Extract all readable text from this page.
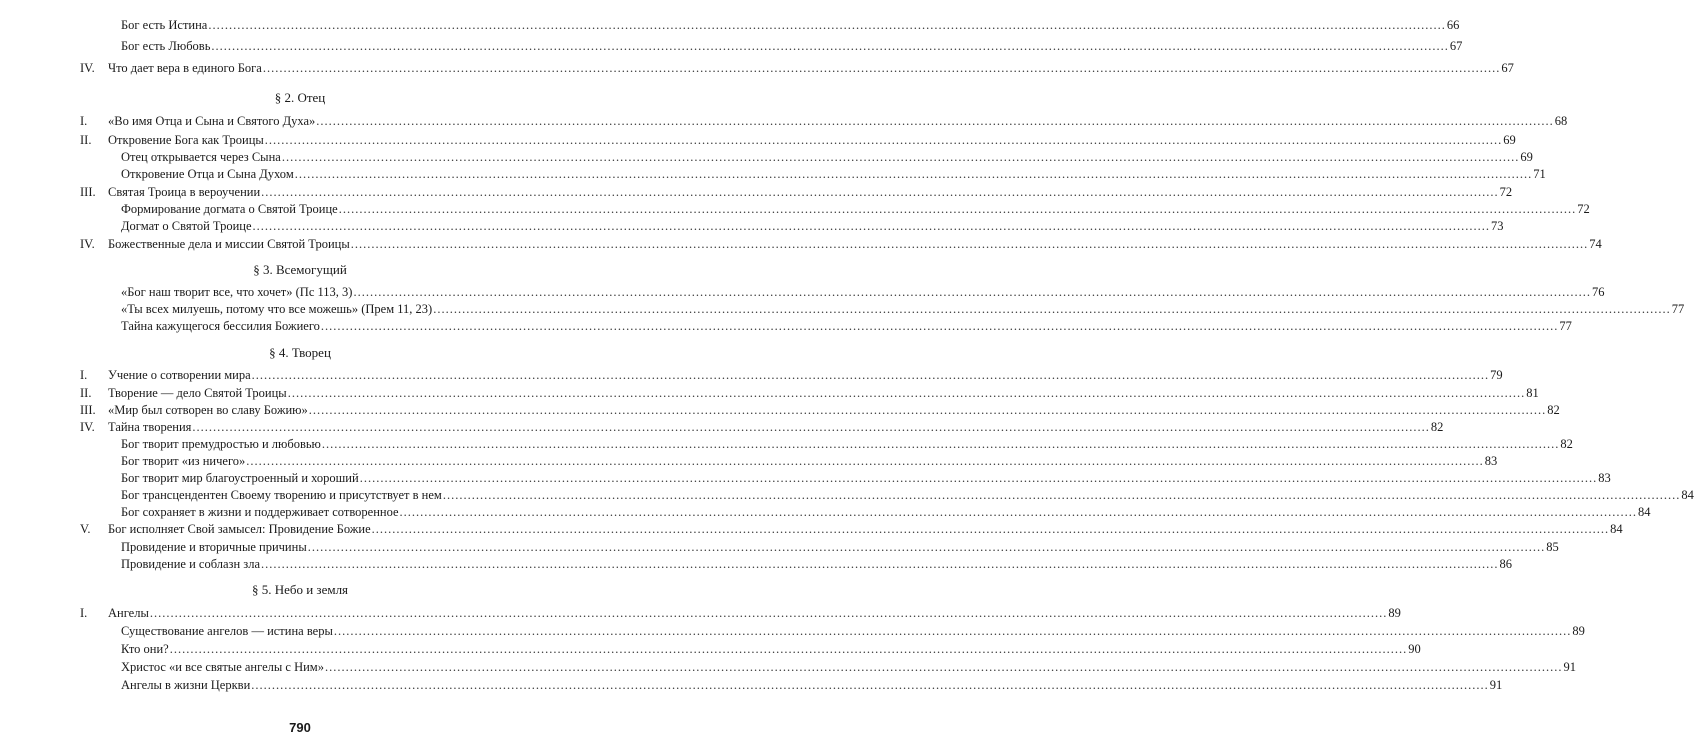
Бог есть Истина ............................................................................................................................................................................................................................................................................................................ 66
Бог есть Любовь ............................................................................................................................................................................................................................................................................................................ 67
IV. Что дает вера в единого Бога ............................................................................................................................................................................................................................................................................................................ 67
§ 2. Отец
I. «Во имя Отца и Сына и Святого Духа» ............................................................................................................................................................................................................................................................................................................ 68
II. Откровение Бога как Троицы ............................................................................................................................................................................................................................................................................................................ 69
Отец открывается через Сына ............................................................................................................................................................................................................................................................................................................ 69
Откровение Отца и Сына Духом ............................................................................................................................................................................................................................................................................................................ 71
III. Святая Троица в вероучении ............................................................................................................................................................................................................................................................................................................ 72
Формирование догмата о Святой Троице ............................................................................................................................................................................................................................................................................................................ 72
Догмат о Святой Троице ............................................................................................................................................................................................................................................................................................................ 73
IV. Божественные дела и миссии Святой Троицы ............................................................................................................................................................................................................................................................................................................ 74
§ 3. Всемогущий
«Бог наш творит все, что хочет» (Пс 113, 3) ............................................................................................................................................................................................................................................................................................................ 76
«Ты всех милуешь, потому что все можешь» (Прем 11, 23) ............................................................................................................................................................................................................................................................................................................ 77
Тайна кажущегося бессилия Божиего ............................................................................................................................................................................................................................................................................................................ 77
§ 4. Творец
I. Учение о сотворении мира ............................................................................................................................................................................................................................................................................................................ 79
II. Творение — дело Святой Троицы ............................................................................................................................................................................................................................................................................................................ 81
III. «Мир был сотворен во славу Божию» ............................................................................................................................................................................................................................................................................................................ 82
IV. Тайна творения ............................................................................................................................................................................................................................................................................................................ 82
Бог творит премудростью и любовью ............................................................................................................................................................................................................................................................................................................ 82
Бог творит «из ничего» ............................................................................................................................................................................................................................................................................................................ 83
Бог творит мир благоустроенный и хороший ............................................................................................................................................................................................................................................................................................................ 83
Бог трансцендентен Своему творению и присутствует в нем ............................................................................................................................................................................................................................................................................................................ 84
Бог сохраняет в жизни и поддерживает сотворенное ............................................................................................................................................................................................................................................................................................................ 84
V. Бог исполняет Свой замысел: Провидение Божие ............................................................................................................................................................................................................................................................................................................ 84
Провидение и вторичные причины ............................................................................................................................................................................................................................................................................................................ 85
Провидение и соблазн зла ............................................................................................................................................................................................................................................................................................................ 86
§ 5. Небо и земля
I. Ангелы ............................................................................................................................................................................................................................................................................................................ 89
Существование ангелов — истина веры ............................................................................................................................................................................................................................................................................................................ 89
Кто они? ............................................................................................................................................................................................................................................................................................................ 90
Христос «и все святые ангелы с Ним» ............................................................................................................................................................................................................................................................................................................ 91
Ангелы в жизни Церкви ............................................................................................................................................................................................................................................................................................................ 91
790
